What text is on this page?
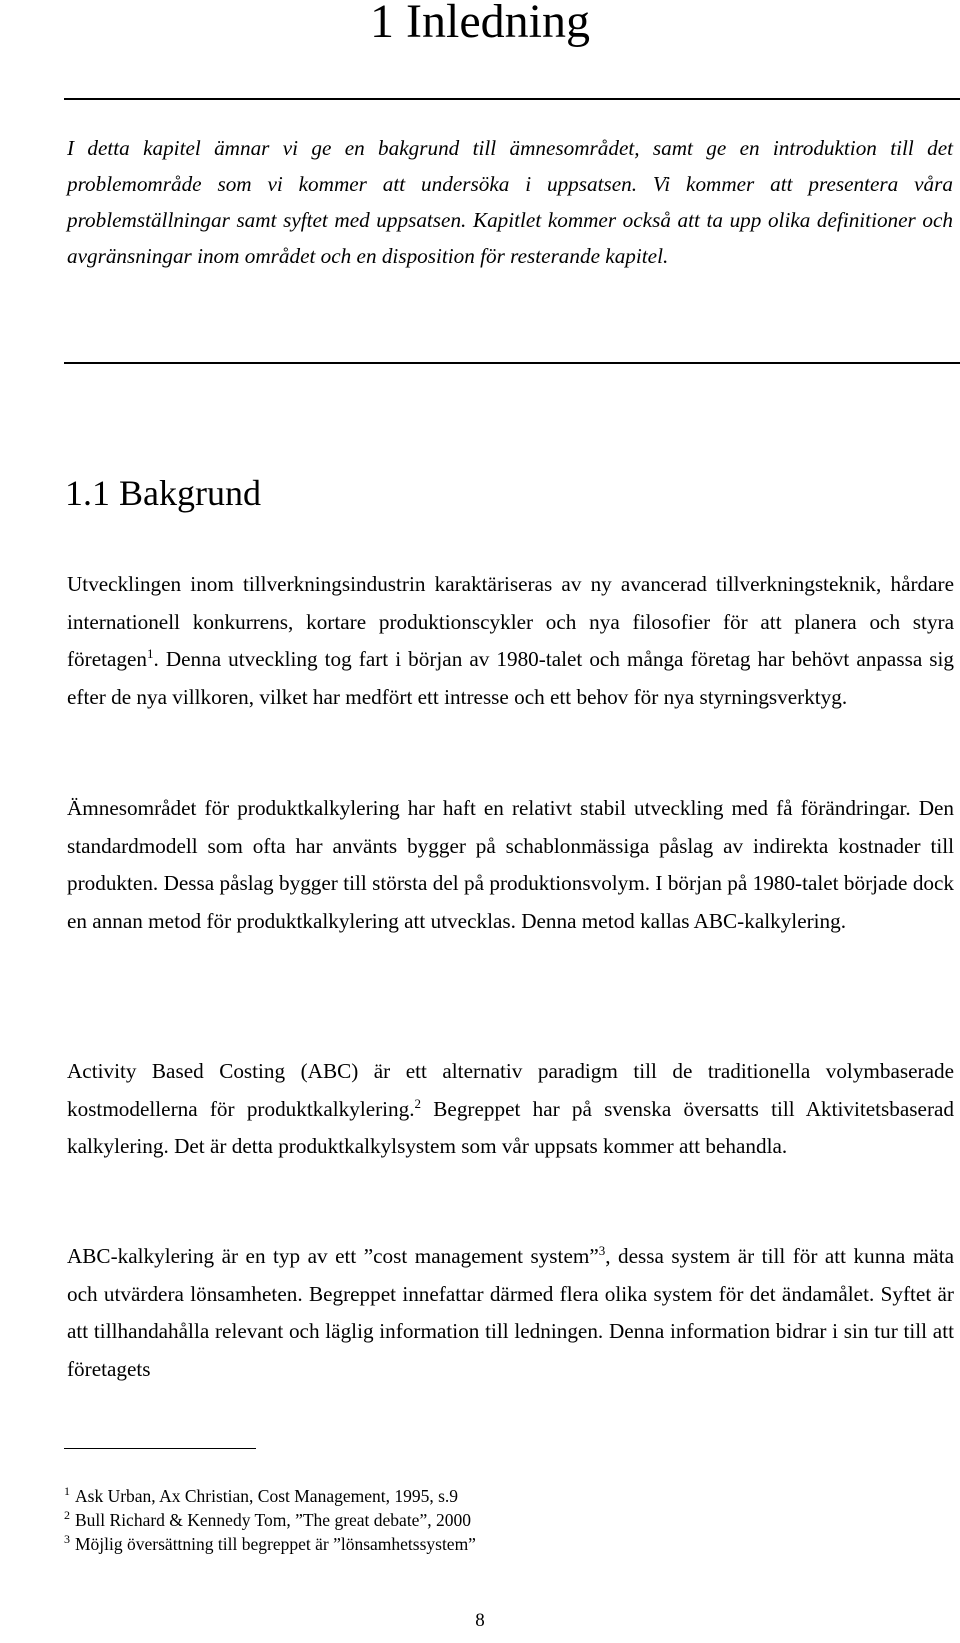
1 Inledning

I detta kapitel ämnar vi ge en bakgrund till ämnesområdet, samt ge en introduktion till det problemområde som vi kommer att undersöka i uppsatsen. Vi kommer att presentera våra problemställningar samt syftet med uppsatsen. Kapitlet kommer också att ta upp olika definitioner och avgränsningar inom området och en disposition för resterande kapitel.

1.1 Bakgrund

Utvecklingen inom tillverkningsindustrin karaktäriseras av ny avancerad tillverkningsteknik, hårdare internationell konkurrens, kortare produktionscykler och nya filosofier för att planera och styra företagen$^1$. Denna utveckling tog fart i början av 1980-talet och många företag har behövt anpassa sig efter de nya villkoren, vilket har medfört ett intresse och ett behov för nya styrningsverktyg.

Ämnesområdet för produktkalkylering har haft en relativt stabil utveckling med få förändringar. Den standardmodell som ofta har använts bygger på schablonmässiga påslag av indirekta kostnader till produkten. Dessa påslag bygger till största del på produktionsvolym. I början på 1980-talet började dock en annan metod för produktkalkylering att utvecklas. Denna metod kallas ABC-kalkylering.

Activity Based Costing (ABC) är ett alternativ paradigm till de traditionella volymbaserade kostmodellerna för produktkalkylering.$^2$ Begreppet har på svenska översatts till Aktivitetsbaserad kalkylering. Det är detta produktkalkylsystem som vår uppsats kommer att behandla.

ABC-kalkylering är en typ av ett ”cost management system”$^3$, dessa system är till för att kunna mäta och utvärdera lönsamheten. Begreppet innefattar därmed flera olika system för det ändamålet. Syftet är att tillhandahålla relevant och läglig information till ledningen. Denna information bidrar i sin tur till att företagets

$^1$ Ask Urban, Ax Christian, Cost Management, 1995, s.9
$^2$ Bull Richard & Kennedy Tom, ”The great debate”, 2000
$^3$ Möjlig översättning till begreppet är ”lönsamhetssystem”

8
